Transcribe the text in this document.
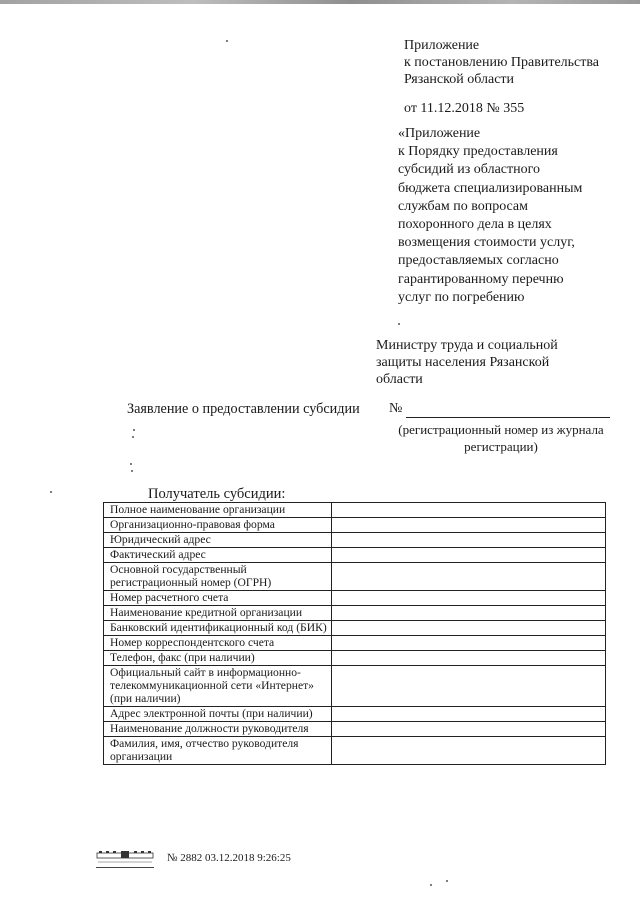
Приложение
к постановлению Правительства
Рязанской области
от 11.12.2018 № 355
«Приложение
к Порядку предоставления
субсидий из областного
бюджета специализированным
службам по вопросам
похоронного дела в целях
возмещения стоимости услуг,
предоставляемых согласно
гарантированному перечню
услуг по погребению
Министру труда и социальной
защиты населения Рязанской
области
Заявление о предоставлении субсидии №
(регистрационный номер из журнала регистрации)
Получатель субсидии:
Полное наименование организации	
Организационно-правовая форма	
Юридический адрес	
Фактический адрес	
Основной государственный регистрационный номер (ОГРН)	
Номер расчетного счета	
Наименование кредитной организации	
Банковский идентификационный код (БИК)	
Номер корреспондентского счета	
Телефон, факс (при наличии)	
Официальный сайт в информационно-телекоммуникационной сети «Интернет» (при наличии)	
Адрес электронной почты (при наличии)	
Наименование должности руководителя	
Фамилия, имя, отчество руководителя организации	
№ 2882 03.12.2018 9:26:25
